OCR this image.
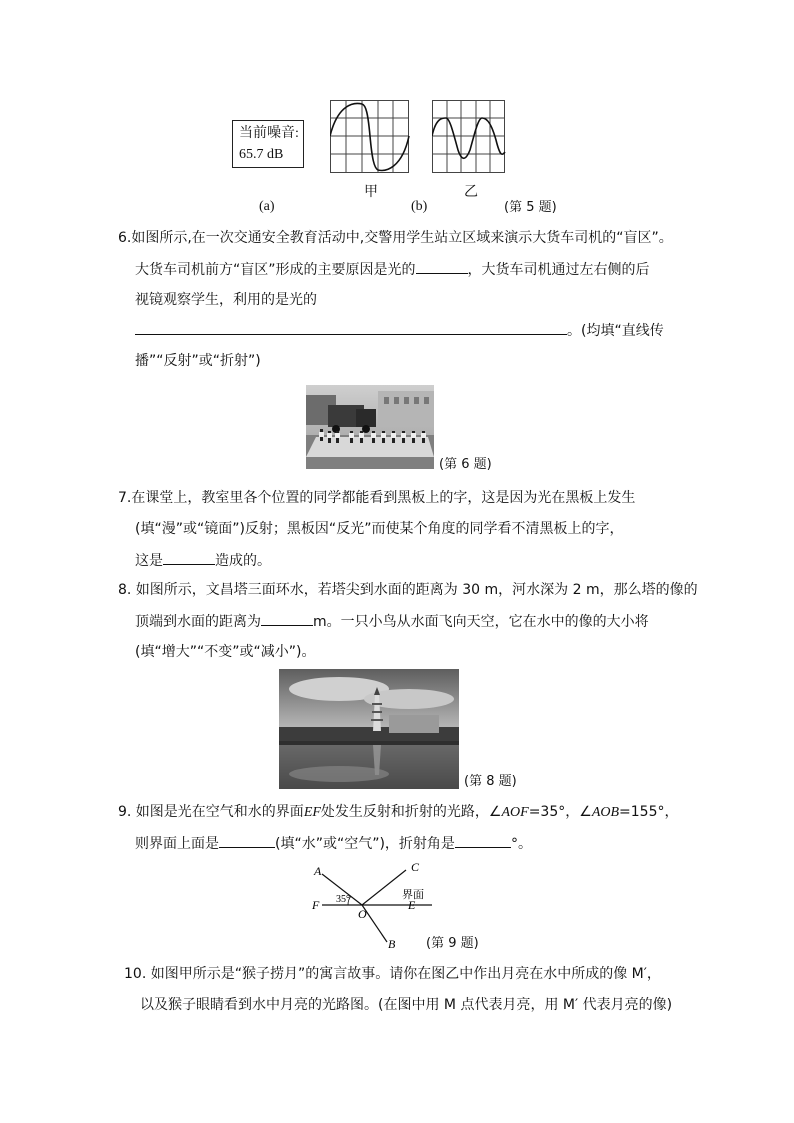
当前噪音:
65.7 dB
甲	乙
(a)	(b)	(第 5 题)
6.如图所示,在一次交通安全教育活动中,交警用学生站立区域来演示大货车司机的“盲区”。
大货车司机前方“盲区”形成的主要原因是光的	，大货车司机通过左右侧的后
视镜观察学生，利用的是光的
。(均填“直线传
播”“反射”或“折射”)
(第 6 题)
7.在课堂上，教室里各个位置的同学都能看到黑板上的字，这是因为光在黑板上发生
(填“漫”或“镜面”)反射；黑板因“反光”而使某个角度的同学看不清黑板上的字，
这是	造成的。
8. 如图所示，文昌塔三面环水，若塔尖到水面的距离为 30 m，河水深为 2 m，那么塔的像的
顶端到水面的距离为	m。一只小鸟从水面飞向天空，它在水中的像的大小将
(填“增大”“不变”或“减小”)。
(第 8 题)
9. 如图是光在空气和水的界面EF处发生反射和折射的光路，∠AOF=35°，∠AOB=155°，
则界面上面是	(填“水”或“空气”)，折射角是	°。
A	C
F	E
O
B
35°	界面
(第 9 题)
10. 如图甲所示是“猴子捞月”的寓言故事。请你在图乙中作出月亮在水中所成的像 M′，
以及猴子眼睛看到水中月亮的光路图。(在图中用 M 点代表月亮，用 M′ 代表月亮的像)
